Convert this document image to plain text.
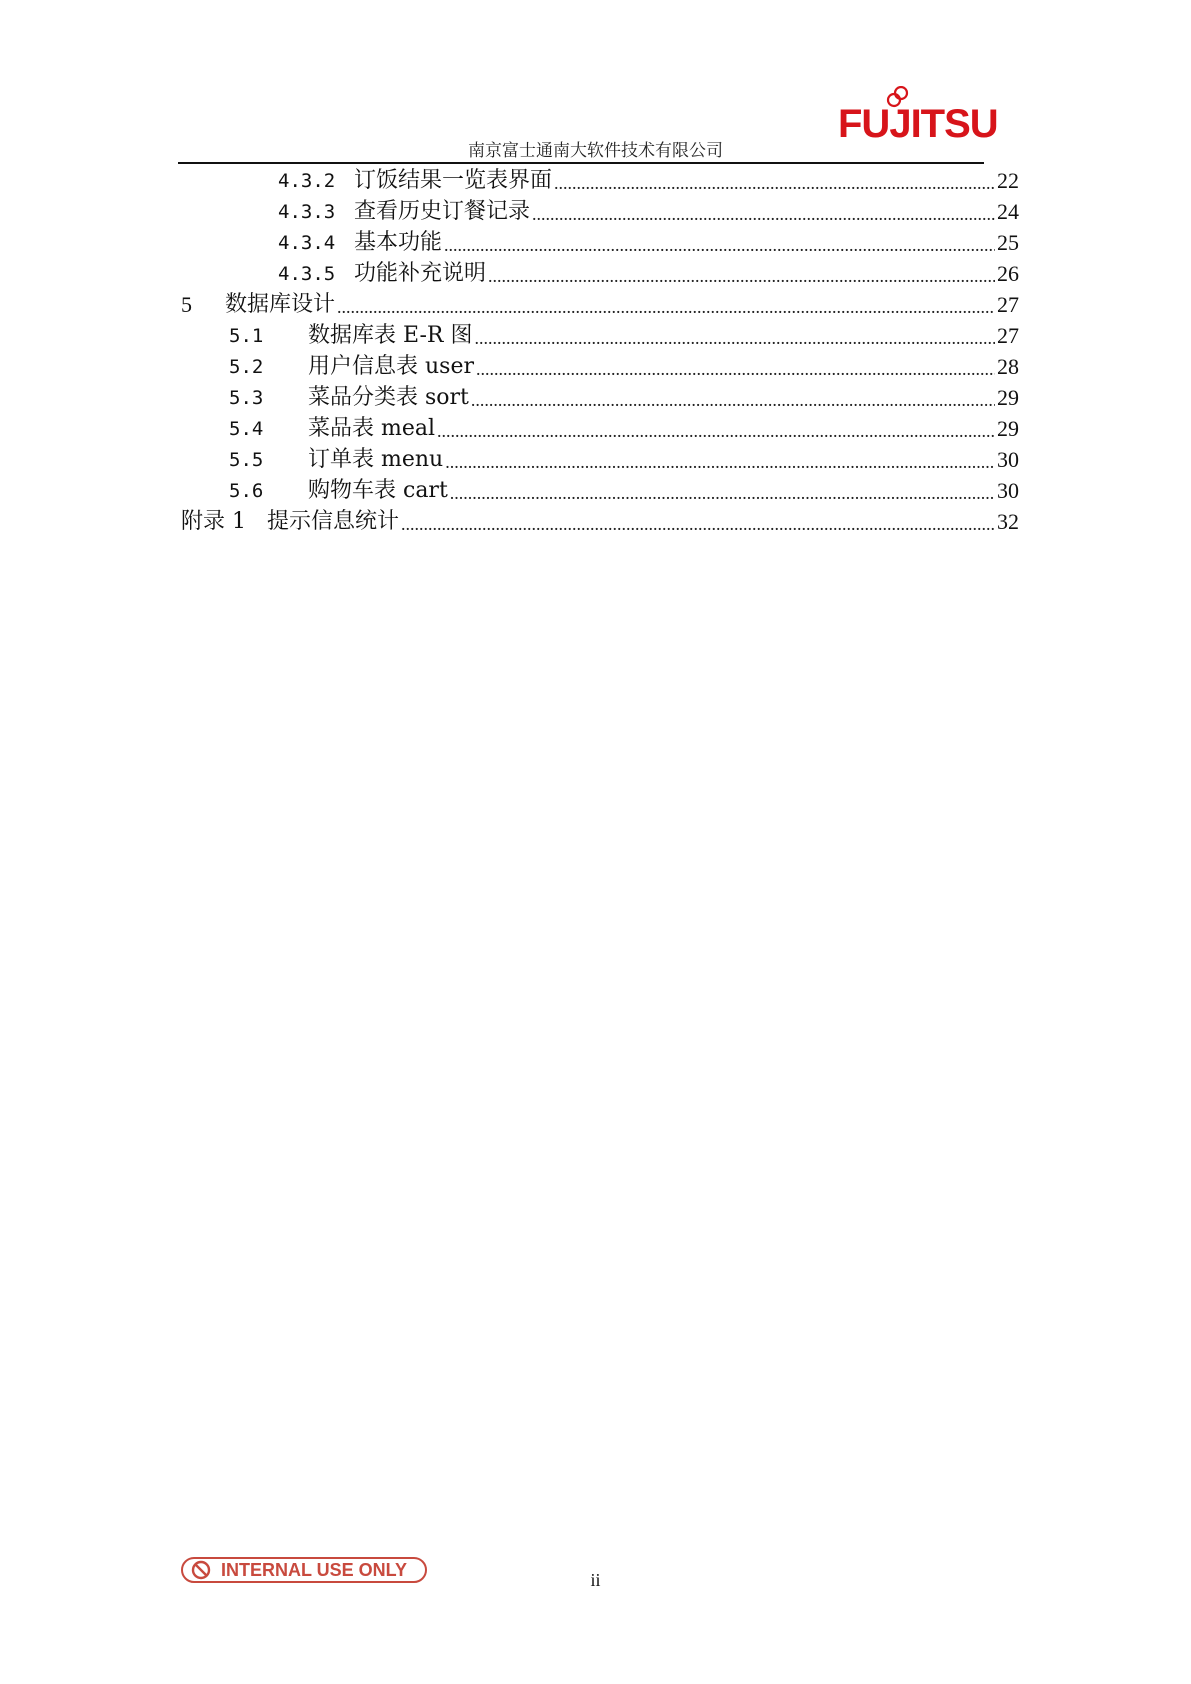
南京富士通南大软件技术有限公司
FUJITSU
4.3.2 订饭结果一览表界面 .....	22
4.3.3 查看历史订餐记录 .....	24
4.3.4 基本功能 .....	25
4.3.5 功能补充说明 .....	26
5	数据库设计 .....	27
5.1	数据库表 E-R 图 .....	27
5.2	用户信息表 user .....	28
5.3	菜品分类表 sort .....	29
5.4	菜品表 meal .....	29
5.5	订单表 menu .....	30
5.6	购物车表 cart .....	30
附录 1 提示信息统计 .....	32
INTERNAL USE ONLY
ii
